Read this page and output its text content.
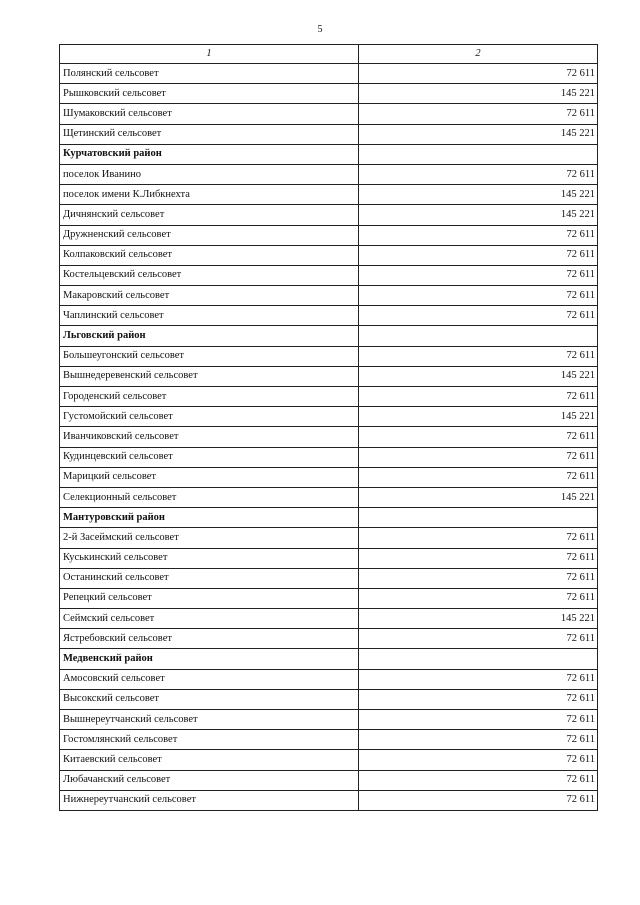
5
1	2
Полянский сельсовет	72 611
Рышковский сельсовет	145 221
Шумаковский сельсовет	72 611
Щетинский сельсовет	145 221
Курчатовский район	
поселок Иванино	72 611
поселок имени К.Либкнехта	145 221
Дичнянский сельсовет	145 221
Дружненский сельсовет	72 611
Колпаковский сельсовет	72 611
Костельцевский сельсовет	72 611
Макаровский сельсовет	72 611
Чаплинский сельсовет	72 611
Льговский район	
Большеугонский сельсовет	72 611
Вышнедеревенский сельсовет	145 221
Городенский сельсовет	72 611
Густомойский сельсовет	145 221
Иванчиковский сельсовет	72 611
Кудинцевский сельсовет	72 611
Марицкий сельсовет	72 611
Селекционный сельсовет	145 221
Мантуровский район	
2-й Засеймский сельсовет	72 611
Куськинский сельсовет	72 611
Останинский сельсовет	72 611
Репецкий сельсовет	72 611
Сеймский сельсовет	145 221
Ястребовский сельсовет	72 611
Медвенский район	
Амосовский сельсовет	72 611
Высокский сельсовет	72 611
Вышнереутчанский сельсовет	72 611
Гостомлянский сельсовет	72 611
Китаевский сельсовет	72 611
Любачанский сельсовет	72 611
Нижнереутчанский сельсовет	72 611
